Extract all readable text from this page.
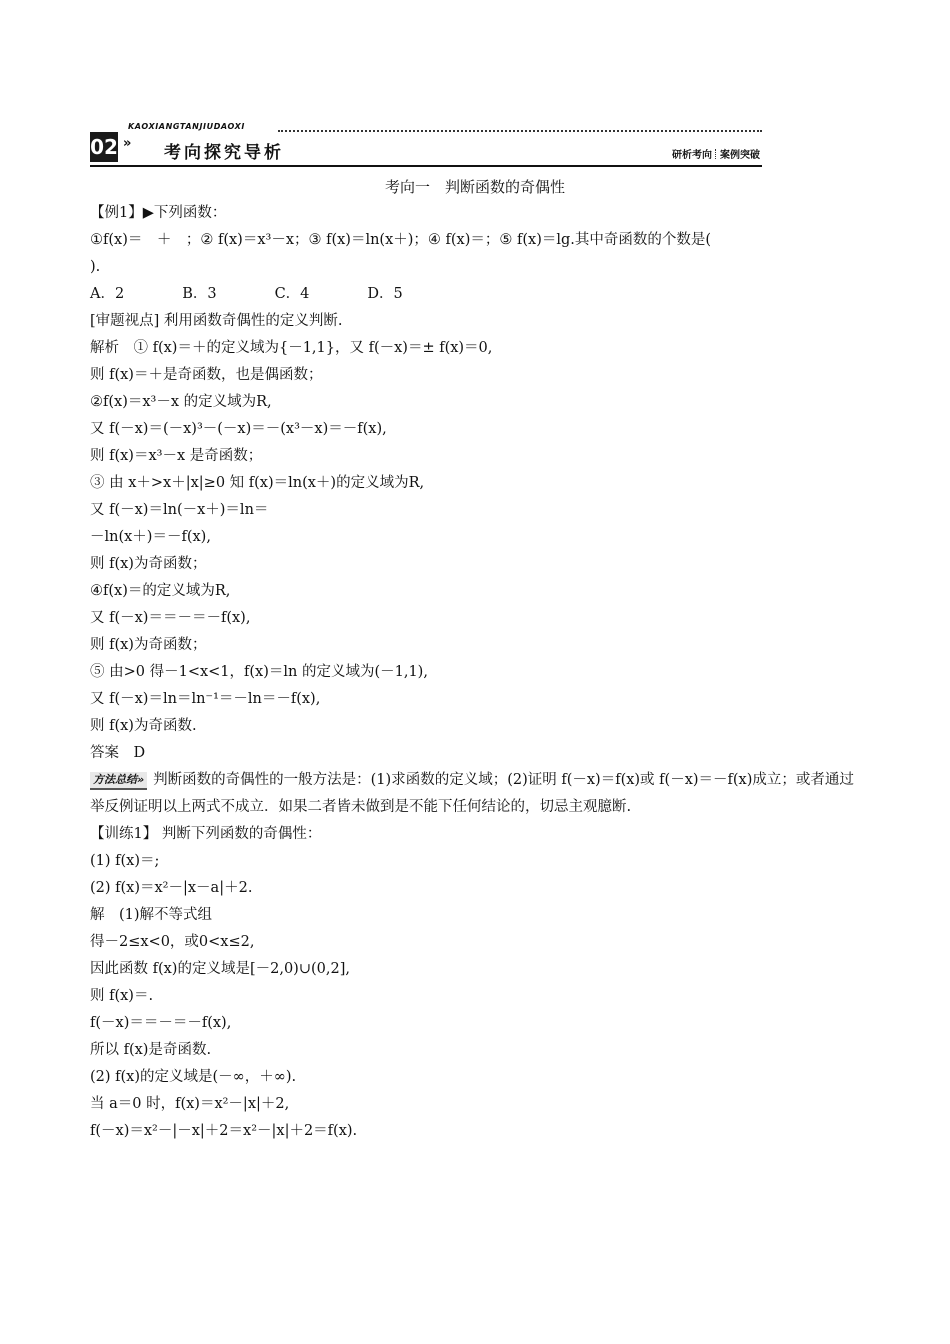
02 »
KAOXIANGTANJIUDAOXI
考向探究导析	研析考向 案例突破
考向一　判断函数的奇偶性
【例1】▶下列函数：
①f(x)＝　＋　；② f(x)＝x³－x；③ f(x)＝ln(x＋)；④ f(x)＝；⑤ f(x)＝lg.其中奇函数的个数是(
).
A．2　　　　B．3　　　　C．4　　　　D．5
[审题视点] 利用函数奇偶性的定义判断.
解析　① f(x)＝＋的定义域为{－1,1}，又 f(－x)＝± f(x)＝0,
则 f(x)＝＋是奇函数，也是偶函数；
②f(x)＝x³－x 的定义域为R,
又 f(－x)＝(－x)³－(－x)＝－(x³－x)＝－f(x),
则 f(x)＝x³－x 是奇函数；
③ 由 x＋>x＋|x|≥0 知 f(x)＝ln(x＋)的定义域为R,
又 f(－x)＝ln(－x＋)＝ln＝
－ln(x＋)＝－f(x),
则 f(x)为奇函数；
④f(x)＝的定义域为R,
又 f(－x)＝＝－＝－f(x),
则 f(x)为奇函数；
⑤ 由>0 得－1<x<1，f(x)＝ln 的定义域为(－1,1),
又 f(－x)＝ln＝ln⁻¹＝－ln＝－f(x),
则 f(x)为奇函数.
答案　D
方法总结» 判断函数的奇偶性的一般方法是：(1)求函数的定义域；(2)证明 f(－x)＝f(x)或 f(－x)＝－f(x)成立；或者通过举反例证明以上两式不成立．如果二者皆未做到是不能下任何结论的，切忌主观臆断.
【训练1】 判断下列函数的奇偶性：
(1) f(x)＝;
(2) f(x)＝x²－|x－a|＋2.
解　(1)解不等式组
得－2≤x<0，或0<x≤2,
因此函数 f(x)的定义域是[－2,0)∪(0,2],
则 f(x)＝.
f(－x)＝＝－＝－f(x),
所以 f(x)是奇函数.
(2) f(x)的定义域是(－∞，＋∞).
当 a＝0 时，f(x)＝x²－|x|＋2,
f(－x)＝x²－|－x|＋2＝x²－|x|＋2＝f(x).
